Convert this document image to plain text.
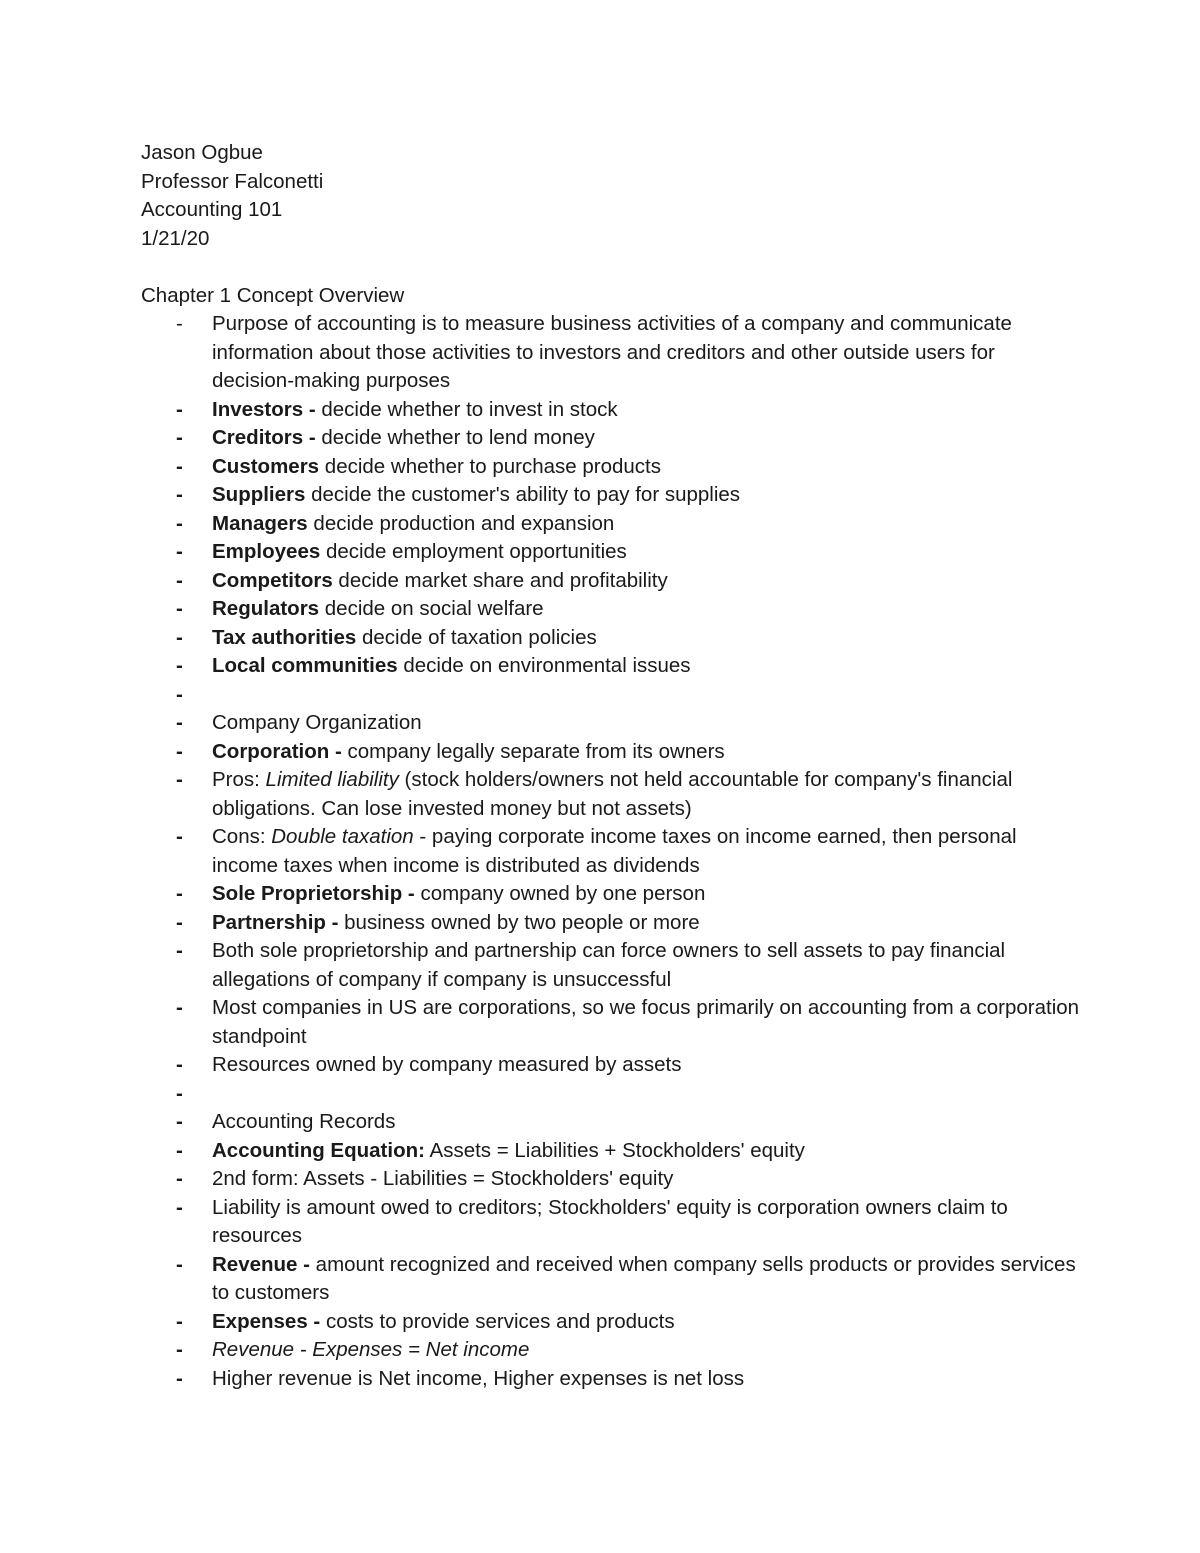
Jason Ogbue
Professor Falconetti
Accounting 101
1/21/20
Chapter 1 Concept Overview
- Purpose of accounting is to measure business activities of a company and communicate information about those activities to investors and creditors and other outside users for decision-making purposes
- Investors - decide whether to invest in stock
- Creditors - decide whether to lend money
- Customers decide whether to purchase products
- Suppliers decide the customer's ability to pay for supplies
- Managers decide production and expansion
- Employees decide employment opportunities
- Competitors decide market share and profitability
- Regulators decide on social welfare
- Tax authorities decide of taxation policies
- Local communities decide on environmental issues
-
- Company Organization
- Corporation - company legally separate from its owners
- Pros: Limited liability (stock holders/owners not held accountable for company's financial obligations. Can lose invested money but not assets)
- Cons: Double taxation - paying corporate income taxes on income earned, then personal income taxes when income is distributed as dividends
- Sole Proprietorship - company owned by one person
- Partnership - business owned by two people or more
- Both sole proprietorship and partnership can force owners to sell assets to pay financial allegations of company if company is unsuccessful
- Most companies in US are corporations, so we focus primarily on accounting from a corporation standpoint
- Resources owned by company measured by assets
-
- Accounting Records
- Accounting Equation: Assets = Liabilities + Stockholders' equity
- 2nd form: Assets - Liabilities = Stockholders' equity
- Liability is amount owed to creditors; Stockholders' equity is corporation owners claim to resources
- Revenue - amount recognized and received when company sells products or provides services to customers
- Expenses - costs to provide services and products
- Revenue - Expenses = Net income
- Higher revenue is Net income, Higher expenses is net loss
